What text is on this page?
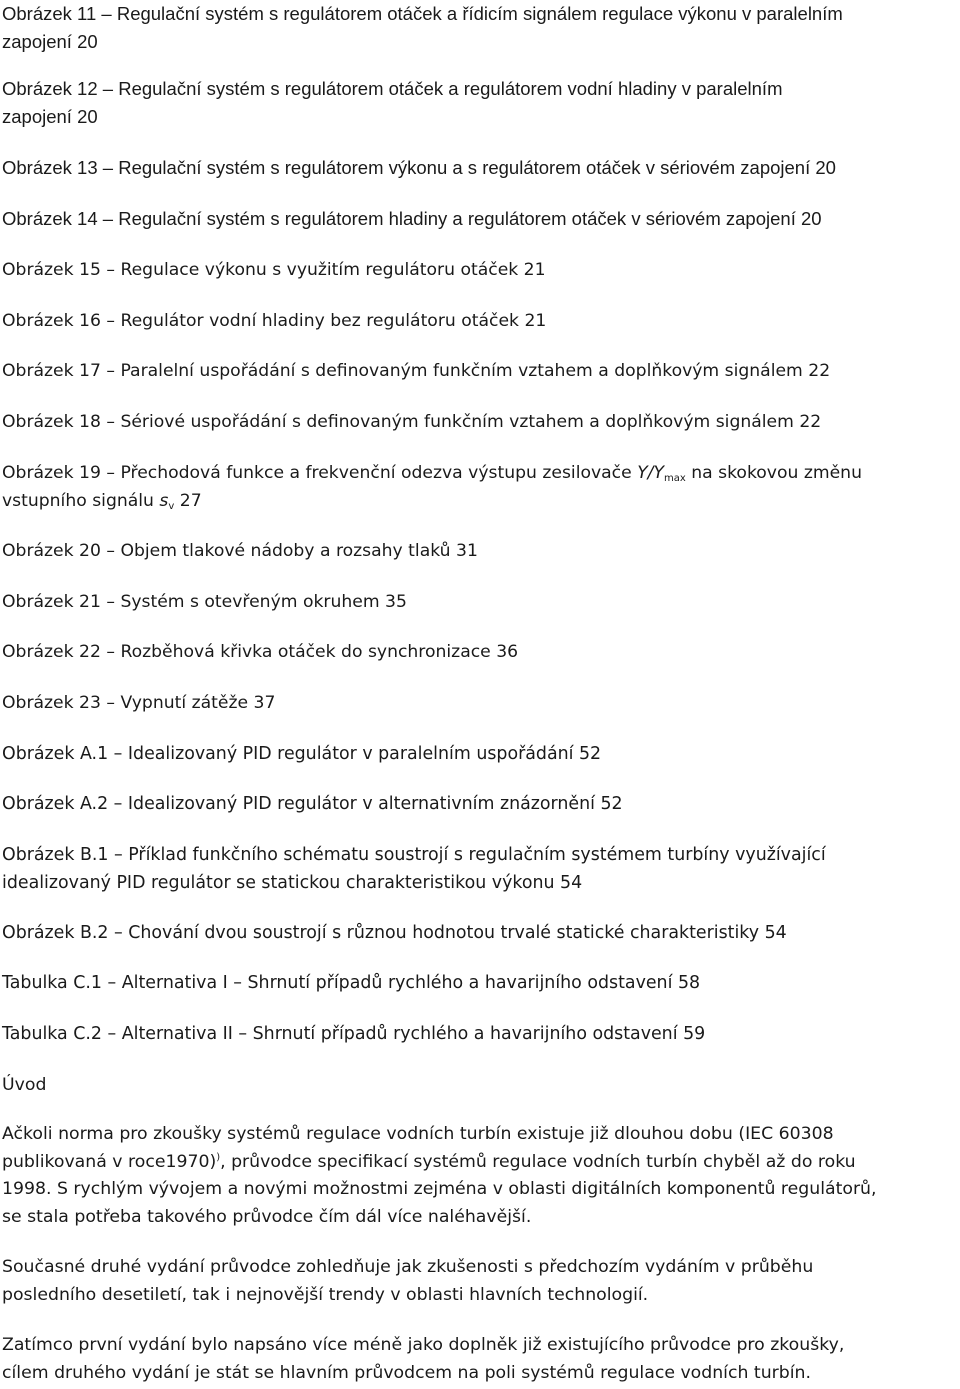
Obrázek 11 – Regulační systém s regulátorem otáček a řídicím signálem regulace výkonu v paralelním
zapojení 20
Obrázek 12 – Regulační systém s regulátorem otáček a regulátorem vodní hladiny v paralelním
zapojení 20
Obrázek 13 – Regulační systém s regulátorem výkonu a s regulátorem otáček v sériovém zapojení 20
Obrázek 14 – Regulační systém s regulátorem hladiny a regulátorem otáček v sériovém zapojení 20
Obrázek 15 – Regulace výkonu s využitím regulátoru otáček 21
Obrázek 16 – Regulátor vodní hladiny bez regulátoru otáček 21
Obrázek 17 – Paralelní uspořádání s definovaným funkčním vztahem a doplňkovým signálem 22
Obrázek 18 – Sériové uspořádání s definovaným funkčním vztahem a doplňkovým signálem 22
Obrázek 19 – Přechodová funkce a frekvenční odezva výstupu zesilovače $Y/Y_{max}$ na skokovou změnu
vstupního signálu $s_v$ 27
Obrázek 20 – Objem tlakové nádoby a rozsahy tlaků 31
Obrázek 21 – Systém s otevřeným okruhem 35
Obrázek 22 – Rozběhová křivka otáček do synchronizace 36
Obrázek 23 – Vypnutí zátěže 37
Obrázek A.1 – Idealizovaný PID regulátor v paralelním uspořádání 52
Obrázek A.2 – Idealizovaný PID regulátor v alternativním znázornění 52
Obrázek B.1 – Příklad funkčního schématu soustrojí s regulačním systémem turbíny využívající
idealizovaný PID regulátor se statickou charakteristikou výkonu 54
Obrázek B.2 – Chování dvou soustrojí s různou hodnotou trvalé statické charakteristiky 54
Tabulka C.1 – Alternativa I – Shrnutí případů rychlého a havarijního odstavení 58
Tabulka C.2 – Alternativa II – Shrnutí případů rychlého a havarijního odstavení 59
Úvod
Ačkoli norma pro zkoušky systémů regulace vodních turbín existuje již dlouhou dobu (IEC 60308
publikovaná v roce1970)), průvodce specifikací systémů regulace vodních turbín chyběl až do roku
1998. S rychlým vývojem a novými možnostmi zejména v oblasti digitálních komponentů regulátorů,
se stala potřeba takového průvodce čím dál více naléhavější.
Současné druhé vydání průvodce zohledňuje jak zkušenosti s předchozím vydáním v průběhu
posledního desetiletí, tak i nejnovější trendy v oblasti hlavních technologií.
Zatímco první vydání bylo napsáno více méně jako doplněk již existujícího průvodce pro zkoušky,
cílem druhého vydání je stát se hlavním průvodcem na poli systémů regulace vodních turbín.
